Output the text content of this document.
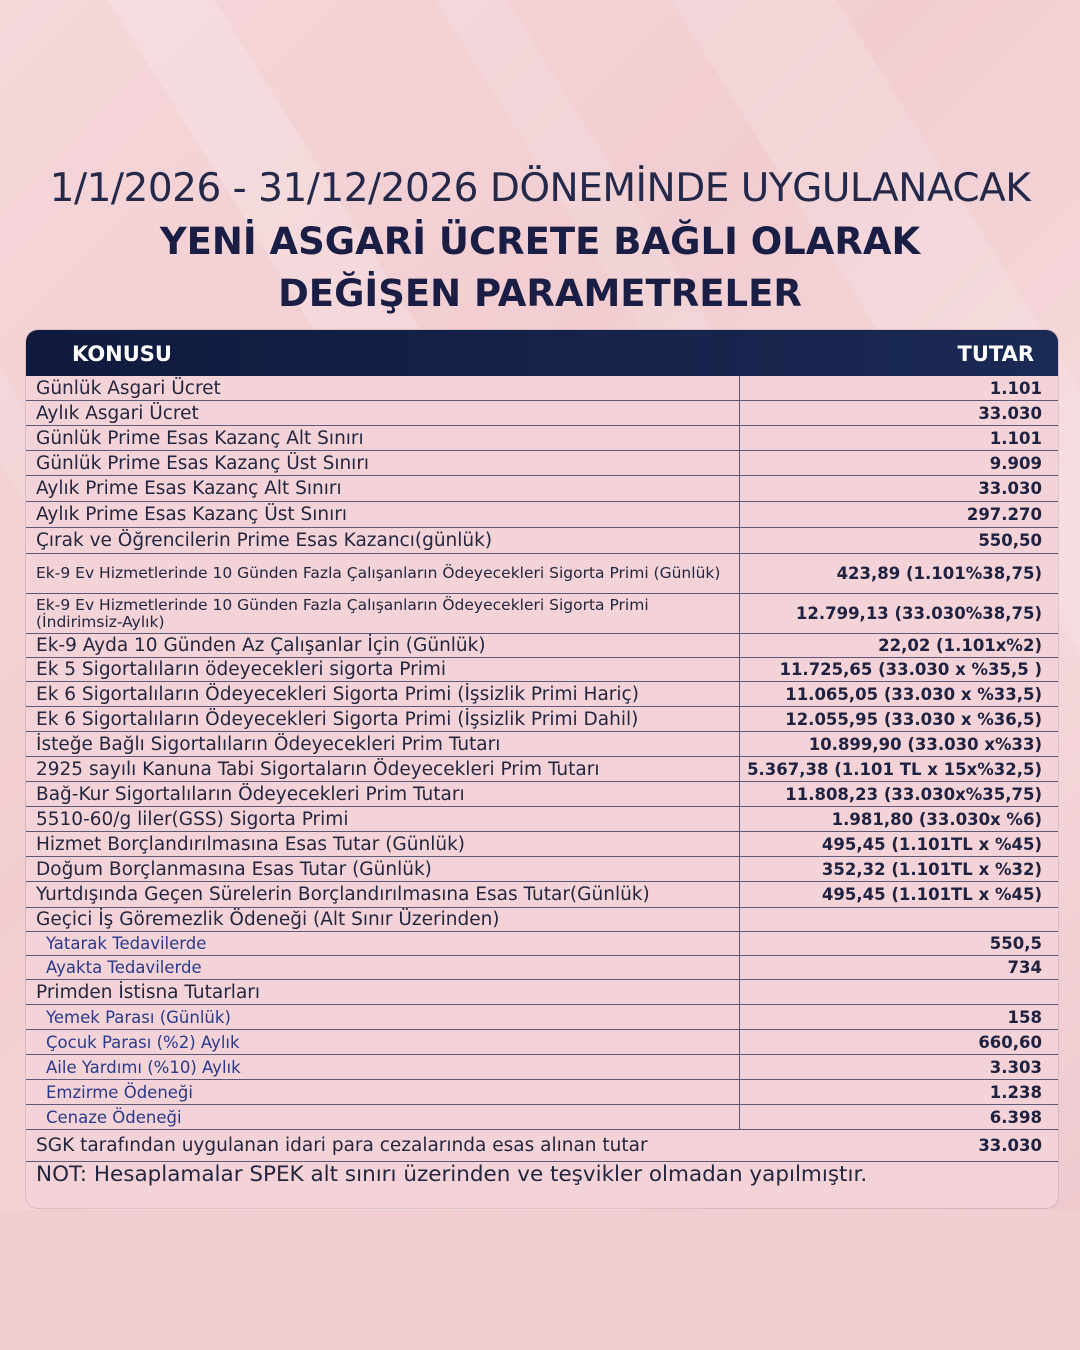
1/1/2026 - 31/12/2026 DÖNEMİNDE UYGULANACAK
YENİ ASGARİ ÜCRETE BAĞLI OLARAK
DEĞİŞEN PARAMETRELER
KONUSU	TUTAR
Günlük Asgari Ücret	1.101
Aylık Asgari Ücret	33.030
Günlük Prime Esas Kazanç Alt Sınırı	1.101
Günlük Prime Esas Kazanç Üst Sınırı	9.909
Aylık Prime Esas Kazanç Alt Sınırı	33.030
Aylık Prime Esas Kazanç Üst Sınırı	297.270
Çırak ve Öğrencilerin Prime Esas Kazancı(günlük)	550,50
Ek-9 Ev Hizmetlerinde 10 Günden Fazla Çalışanların Ödeyecekleri Sigorta Primi (Günlük)	423,89 (1.101%38,75)
Ek-9 Ev Hizmetlerinde 10 Günden Fazla Çalışanların Ödeyecekleri Sigorta Primi (İndirimsiz-Aylık)	12.799,13 (33.030%38,75)
Ek-9 Ayda 10 Günden Az Çalışanlar İçin (Günlük)	22,02 (1.101x%2)
Ek 5 Sigortalıların ödeyecekleri sigorta Primi	11.725,65 (33.030 x %35,5 )
Ek 6 Sigortalıların Ödeyecekleri Sigorta Primi (İşsizlik Primi Hariç)	11.065,05 (33.030 x %33,5)
Ek 6 Sigortalıların Ödeyecekleri Sigorta Primi (İşsizlik Primi Dahil)	12.055,95 (33.030 x %36,5)
İsteğe Bağlı Sigortalıların Ödeyecekleri Prim Tutarı	10.899,90 (33.030 x%33)
2925 sayılı Kanuna Tabi Sigortaların Ödeyecekleri Prim Tutarı	5.367,38 (1.101 TL x 15x%32,5)
Bağ-Kur Sigortalıların Ödeyecekleri Prim Tutarı	11.808,23 (33.030x%35,75)
5510-60/g liler(GSS) Sigorta Primi	1.981,80 (33.030x %6)
Hizmet Borçlandırılmasına Esas Tutar (Günlük)	495,45 (1.101TL x %45)
Doğum Borçlanmasına Esas Tutar (Günlük)	352,32 (1.101TL x %32)
Yurtdışında Geçen Sürelerin Borçlandırılmasına Esas Tutar(Günlük)	495,45 (1.101TL x %45)
Geçici İş Göremezlik Ödeneği (Alt Sınır Üzerinden)
Yatarak Tedavilerde	550,5
Ayakta Tedavilerde	734
Primden İstisna Tutarları
Yemek Parası (Günlük)	158
Çocuk Parası (%2) Aylık	660,60
Aile Yardımı (%10) Aylık	3.303
Emzirme Ödeneği	1.238
Cenaze Ödeneği	6.398
SGK tarafından uygulanan idari para cezalarında esas alınan tutar	33.030
NOT: Hesaplamalar SPEK alt sınırı üzerinden ve teşvikler olmadan yapılmıştır.
